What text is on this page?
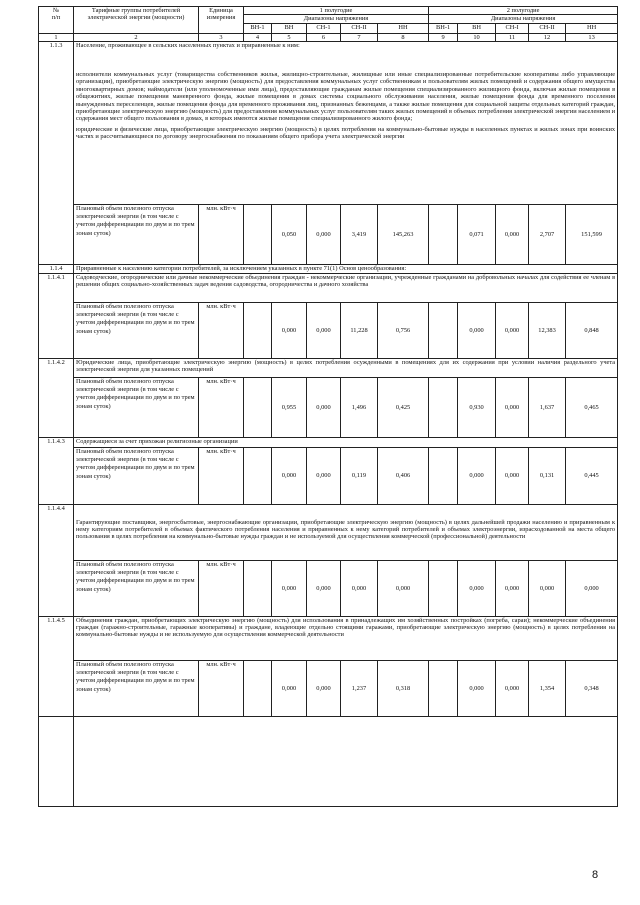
№
п/п	Тарифные группы потребителей электрической энергии (мощности)	Единица измерения	1 полугодие					2 полугодие				
			Диапазоны напряжения					Диапазоны напряжения				
			ВН-1	ВН	СН-1	СН-II	НН	ВН-1	ВН	СН-I	СН-II	НН
1	2	3	4	5	6	7	8	9	10	11	12	13
1.1.3	Население, проживающее в сельских населенных пунктах и приравненные к ним:

исполнители коммунальных услуг (товарищества собственников жилья, жилищно-строительные, жилищные или иные специализированные потребительские кооперативы либо управляющие организации), приобретающие электрическую энергию (мощность) для предоставления коммунальных услуг собственникам и пользователям жилых помещений и содержания общего имущества многоквартирных домов; наймодатели (или уполномоченные ими лица), предоставляющие гражданам жилые помещения специализированного жилищного фонда, включая жилые помещения в общежитиях, жилые помещения маневренного фонда, жилые помещения в домах системы социального обслуживания населения, жилые помещения фонда для временного поселения вынужденных переселенцев, жилые помещения фонда для временного проживания лиц, признанных беженцами, а также жилые помещения для социальной защиты отдельных категорий граждан, приобретающие электрическую энергию (мощность) для предоставления коммунальных услуг пользователям таких жилых помещений в объемах потребления электрической энергии населением и содержания мест общего пользования в домах, в которых имеются жилые помещения специализированного жилого фонда;

юридические и физические лица, приобретающие электрическую энергию (мощность) в целях потребления на коммунально-бытовые нужды в населенных пунктах и жилых зонах при воинских частях и рассчитывающиеся по договору энергоснабжения по показаниям общего прибора учета электрической энергии											

	Плановый объем полезного отпуска электрической энергии (в том числе с учетом дифференциации по двум и по трем зонам суток)	млн. кВт·ч		0,050	0,000	3,419	145,263		0,071	0,000	2,707	151,599
1.1.4	Приравненные к населению категории потребителей, за исключением указанных в пункте 71(1) Основ ценообразования:											
1.1.4.1	Садоводческие, огороднические или дачные некоммерческие объединения граждан - некоммерческие организации, учрежденные гражданами на добровольных началах для содействия ее членам в решении общих социально-хозяйственных задач ведения садоводства, огородничества и дачного хозяйства											
	Плановый объем полезного отпуска электрической энергии (в том числе с учетом дифференциации по двум и по трем зонам суток)	млн. кВт·ч		0,000	0,000	11,228	0,756		0,000	0,000	12,383	0,848
1.1.4.2	Юридические лица, приобретающие электрическую энергию (мощность) в целях потребления осужденными в помещениях для их содержания при условии наличия раздельного учета электрической энергии для указанных помещений											
	Плановый объем полезного отпуска электрической энергии (в том числе с учетом дифференциации по двум и по трем зонам суток)	млн. кВт·ч		0,955	0,000	1,496	0,425		0,930	0,000	1,637	0,465
1.1.4.3	Содержащиеся за счет прихожан религиозные организации											
	Плановый объем полезного отпуска электрической энергии (в том числе с учетом дифференциации по двум и по трем зонам суток)	млн. кВт·ч		0,000	0,000	0,119	0,406		0,000	0,000	0,131	0,445
1.1.4.4	Гарантирующие поставщики, энергосбытовые, энергоснабжающие организации, приобретающие электрическую энергию (мощность) в целях дальнейшей продажи населению и приравненным к нему категориям потребителей в объемах фактического потребления населения и приравненных к нему категорий потребителей и объемах электроэнергии, израсходованной на места общего пользования в целях потребления на коммунально-бытовые нужды граждан и не используемой для осуществления коммерческой (профессиональной) деятельности											
	Плановый объем полезного отпуска электрической энергии (в том числе с учетом дифференциации по двум и по трем зонам суток)	млн. кВт·ч		0,000	0,000	0,000	0,000		0,000	0,000	0,000	0,000
1.1.4.5	Объединения граждан, приобретающих электрическую энергию (мощность) для использования в принадлежащих им хозяйственных постройках (погреба, сараи); некоммерческие объединения граждан (гаражно-строительные, гаражные кооперативы) и граждане, владеющие отдельно стоящими гаражами, приобретающие электрическую энергию (мощность) в целях потребления на коммунально-бытовые нужды и не используемую для осуществления коммерческой деятельности											
	Плановый объем полезного отпуска электрической энергии (в том числе с учетом дифференциации по двум и по трем зонам суток)	млн. кВт·ч		0,000	0,000	1,237	0,318		0,000	0,000	1,354	0,348

8
